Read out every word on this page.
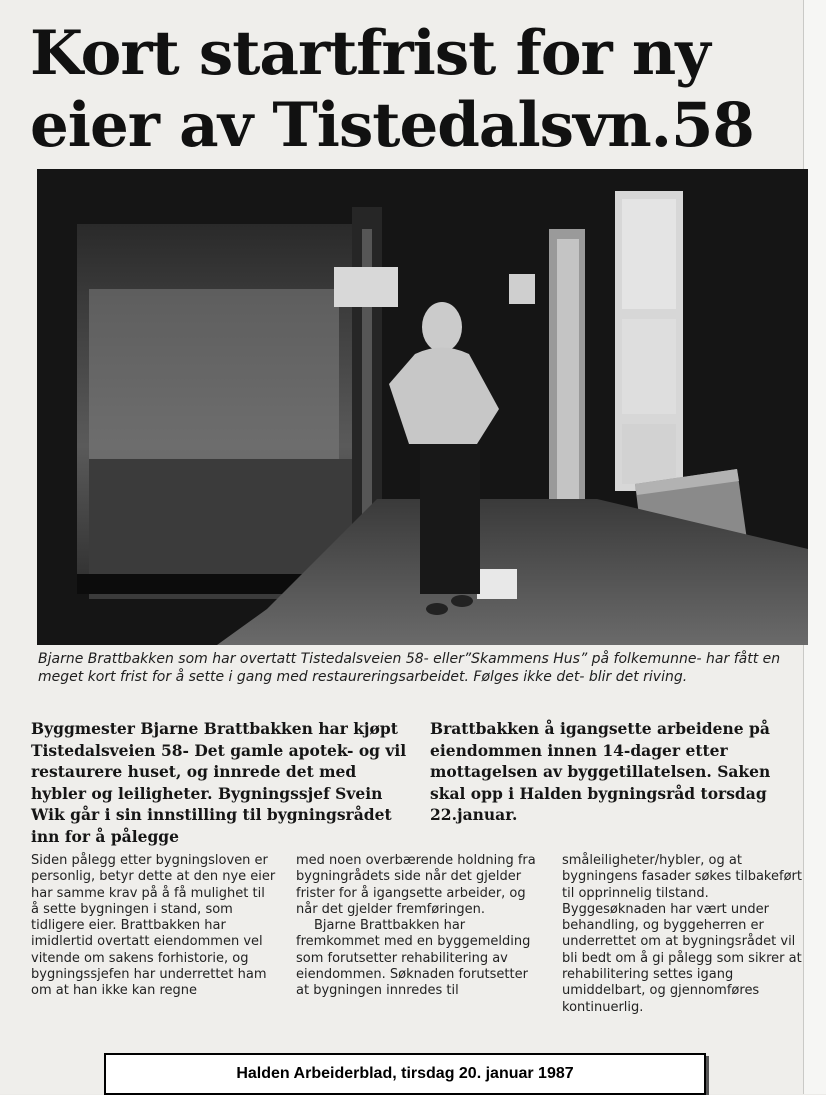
Kort startfrist for ny
eier av Tistedalsvn.58
Bjarne Brattbakken som har overtatt Tistedalsveien 58- eller”Skammens Hus” på folkemunne- har fått en meget kort frist for å sette i gang med restaureringsarbeidet. Følges ikke det- blir det riving.
Byggmester Bjarne Brattbakken har kjøpt Tistedalsveien 58- Det gamle apotek- og vil restaurere huset, og innrede det med hybler og leiligheter. Bygningssjef Svein Wik går i sin innstilling til bygningsrådet inn for å pålegge
Brattbakken å igangsette arbeidene på eiendommen innen 14-dager etter mottagelsen av byggetillatelsen. Saken skal opp i Halden bygningsråd torsdag 22.januar.
Siden pålegg etter bygningsloven er personlig, betyr dette at den nye eier har samme krav på å få mulighet til å sette bygningen i stand, som tidligere eier. Brattbakken har imidlertid overtatt eiendommen vel vitende om sakens forhistorie, og bygningssjefen har underrettet ham om at han ikke kan regne
med noen overbærende holdning fra bygningrådets side når det gjelder frister for å igangsette arbeider, og når det gjelder fremføringen.
Bjarne Brattbakken har fremkommet med en byggemelding som forutsetter rehabilitering av eiendommen. Søknaden forutsetter at bygningen innredes til
småleiligheter/hybler, og at bygningens fasader søkes tilbakeført til opprinnelig tilstand. Byggesøknaden har vært under behandling, og byggeherren er underrettet om at bygningsrådet vil bli bedt om å gi pålegg som sikrer at rehabilitering settes igang umiddelbart, og gjennomføres kontinuerlig.
Halden Arbeiderblad, tirsdag 20. januar 1987
